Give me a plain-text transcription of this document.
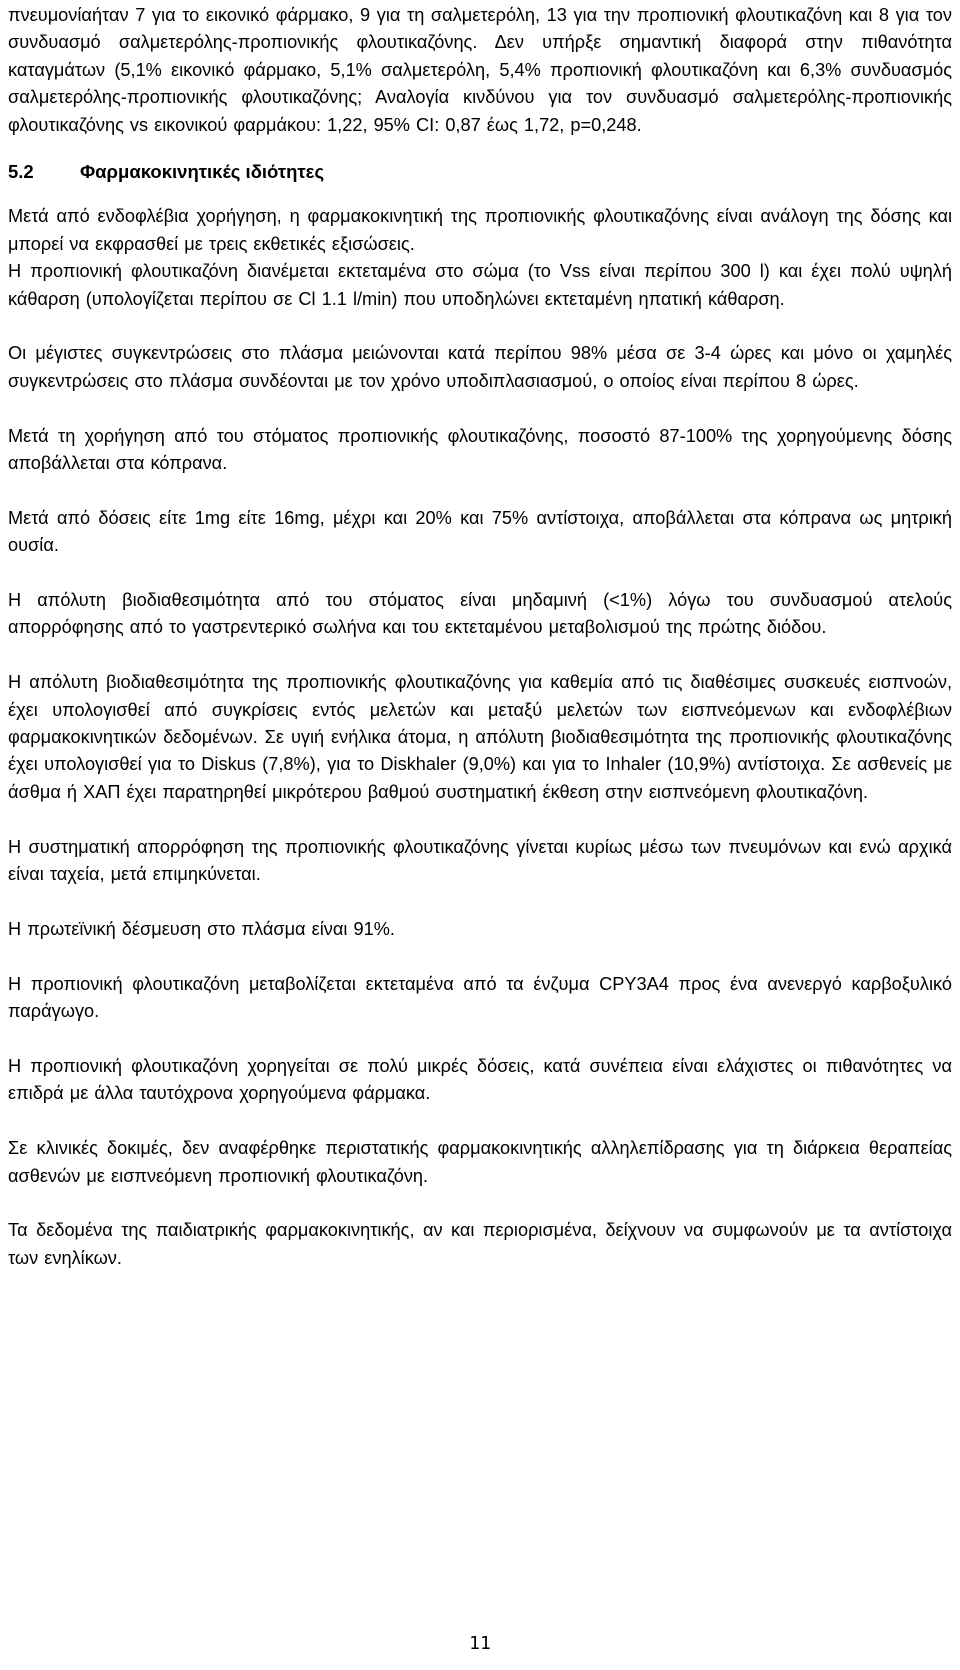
πνευμονίαήταν 7 για το εικονικό φάρμακο, 9 για τη σαλμετερόλη, 13 για την προπιονική φλουτικαζόνη και 8 για τον συνδυασμό σαλμετερόλης-προπιονικής φλουτικαζόνης. Δεν υπήρξε σημαντική διαφορά στην πιθανότητα καταγμάτων (5,1% εικονικό φάρμακο, 5,1% σαλμετερόλη, 5,4% προπιονική φλουτικαζόνη και 6,3% συνδυασμός σαλμετερόλης-προπιονικής φλουτικαζόνης; Αναλογία κινδύνου για τον συνδυασμό σαλμετερόλης-προπιονικής φλουτικαζόνης vs εικονικού φαρμάκου: 1,22, 95% CI: 0,87 έως 1,72, p=0,248.

5.2	Φαρμακοκινητικές ιδιότητες

Μετά από ενδοφλέβια χορήγηση, η φαρμακοκινητική της προπιονικής φλουτικαζόνης είναι ανάλογη της δόσης και μπορεί να εκφρασθεί με τρεις εκθετικές εξισώσεις.

Η προπιονική φλουτικαζόνη διανέμεται εκτεταμένα στο σώμα (το Vss είναι περίπου 300 l) και έχει πολύ υψηλή κάθαρση (υπολογίζεται περίπου σε Cl 1.1 l/min) που υποδηλώνει εκτεταμένη ηπατική κάθαρση.

Οι μέγιστες συγκεντρώσεις στο πλάσμα μειώνονται κατά περίπου 98% μέσα σε 3-4 ώρες και μόνο οι χαμηλές συγκεντρώσεις στο πλάσμα συνδέονται με τον χρόνο υποδιπλασιασμού, ο οποίος είναι περίπου 8 ώρες.

Μετά τη χορήγηση από του στόματος προπιονικής φλουτικαζόνης, ποσοστό 87-100% της χορηγούμενης δόσης αποβάλλεται στα κόπρανα.

Μετά από δόσεις είτε 1mg είτε 16mg, μέχρι και 20% και 75% αντίστοιχα, αποβάλλεται στα κόπρανα ως μητρική ουσία.

Η απόλυτη βιοδιαθεσιμότητα από του στόματος είναι μηδαμινή (<1%) λόγω του συνδυασμού ατελούς απορρόφησης από το γαστρεντερικό σωλήνα και του εκτεταμένου μεταβολισμού της πρώτης διόδου.

Η απόλυτη βιοδιαθεσιμότητα της προπιονικής φλουτικαζόνης για καθεμία από τις διαθέσιμες συσκευές εισπνοών, έχει υπολογισθεί από συγκρίσεις εντός μελετών και μεταξύ μελετών των εισπνεόμενων και ενδοφλέβιων φαρμακοκινητικών δεδομένων. Σε υγιή ενήλικα άτομα, η απόλυτη βιοδιαθεσιμότητα της προπιονικής φλουτικαζόνης έχει υπολογισθεί για το Diskus (7,8%), για το Diskhaler (9,0%) και για το Inhaler (10,9%) αντίστοιχα. Σε ασθενείς με άσθμα ή ΧΑΠ έχει παρατηρηθεί μικρότερου βαθμού συστηματική έκθεση στην εισπνεόμενη φλουτικαζόνη.

Η συστηματική απορρόφηση της προπιονικής φλουτικαζόνης γίνεται κυρίως μέσω των πνευμόνων και ενώ αρχικά είναι ταχεία, μετά επιμηκύνεται.

Η πρωτεϊνική δέσμευση στο πλάσμα είναι 91%.

Η προπιονική φλουτικαζόνη μεταβολίζεται εκτεταμένα από τα ένζυμα CPY3A4 προς ένα ανενεργό καρβοξυλικό παράγωγο.

Η προπιονική φλουτικαζόνη χορηγείται σε πολύ μικρές δόσεις, κατά συνέπεια είναι ελάχιστες οι πιθανότητες να επιδρά με άλλα ταυτόχρονα χορηγούμενα φάρμακα.

Σε κλινικές δοκιμές, δεν αναφέρθηκε περιστατικής φαρμακοκινητικής αλληλεπίδρασης για τη διάρκεια θεραπείας ασθενών με εισπνεόμενη προπιονική φλουτικαζόνη.

Τα δεδομένα της παιδιατρικής φαρμακοκινητικής, αν και περιορισμένα, δείχνουν να συμφωνούν με τα αντίστοιχα των ενηλίκων.

11
